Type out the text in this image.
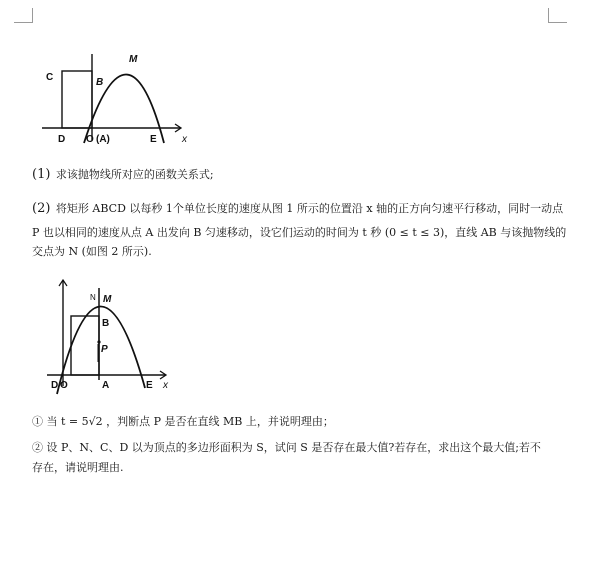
C	B
M
D O (A)	E	x
(1) 求该抛物线所对应的函数关系式;
(2) 将矩形 ABCD 以每秒 1个单位长度的速度从图 1 所示的位置沿 x 轴的正方向匀速平行移动，同时一动点
P 也以相同的速度从点 A 出发向 B 匀速移动，设它们运动的时间为 t 秒 (0 ≤ t ≤ 3)，直线 AB 与该抛物线的
交点为 N (如图 2 所示).
M
N
B
P
D O	A	E x
① 当 t = 5√2 ，判断点 P 是否在直线 MB 上，并说明理由；
② 设 P、N、C、D 以为顶点的多边形面积为 S，试问 S 是否存在最大值?若存在，求出这个最大值;若不
存在，请说明理由.
